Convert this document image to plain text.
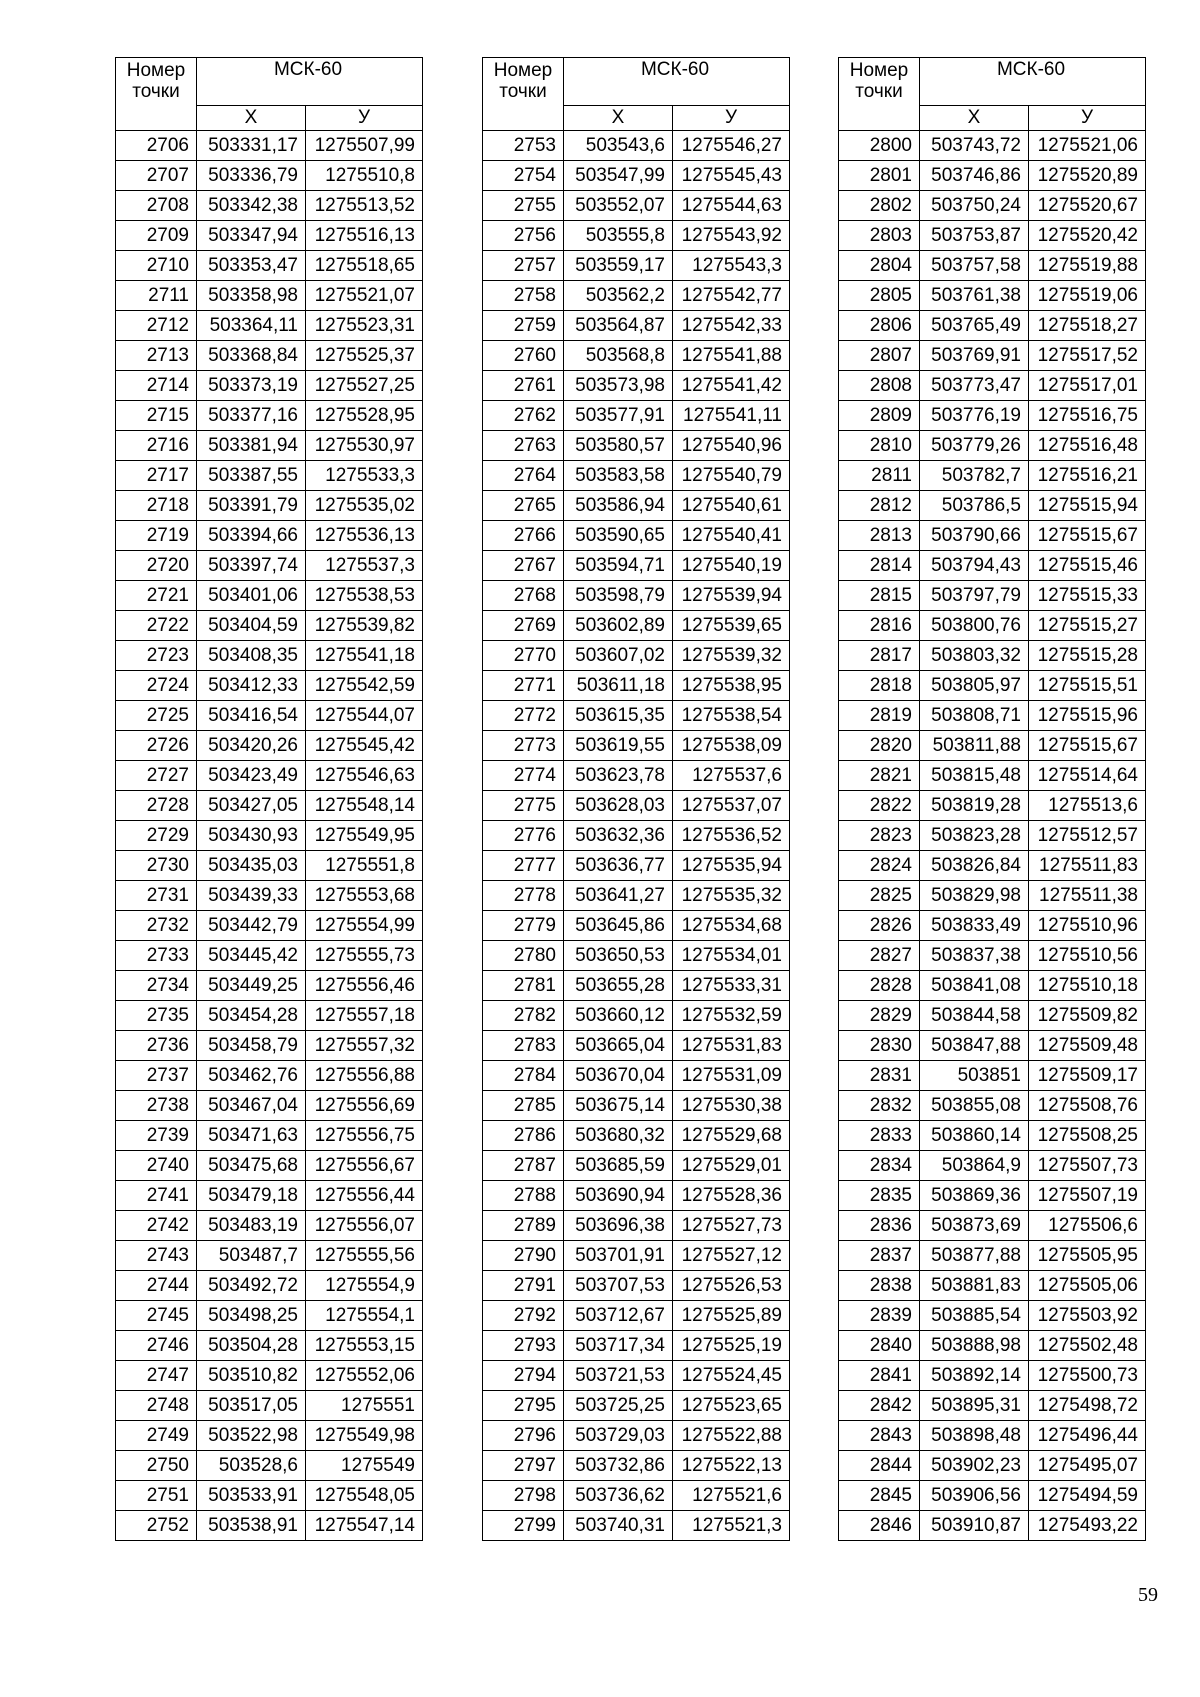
Номер точки	МСК-60	
	Х	У
2706	503331,17	1275507,99
2707	503336,79	1275510,8
2708	503342,38	1275513,52
2709	503347,94	1275516,13
2710	503353,47	1275518,65
2711	503358,98	1275521,07
2712	503364,11	1275523,31
2713	503368,84	1275525,37
2714	503373,19	1275527,25
2715	503377,16	1275528,95
2716	503381,94	1275530,97
2717	503387,55	1275533,3
2718	503391,79	1275535,02
2719	503394,66	1275536,13
2720	503397,74	1275537,3
2721	503401,06	1275538,53
2722	503404,59	1275539,82
2723	503408,35	1275541,18
2724	503412,33	1275542,59
2725	503416,54	1275544,07
2726	503420,26	1275545,42
2727	503423,49	1275546,63
2728	503427,05	1275548,14
2729	503430,93	1275549,95
2730	503435,03	1275551,8
2731	503439,33	1275553,68
2732	503442,79	1275554,99
2733	503445,42	1275555,73
2734	503449,25	1275556,46
2735	503454,28	1275557,18
2736	503458,79	1275557,32
2737	503462,76	1275556,88
2738	503467,04	1275556,69
2739	503471,63	1275556,75
2740	503475,68	1275556,67
2741	503479,18	1275556,44
2742	503483,19	1275556,07
2743	503487,7	1275555,56
2744	503492,72	1275554,9
2745	503498,25	1275554,1
2746	503504,28	1275553,15
2747	503510,82	1275552,06
2748	503517,05	1275551
2749	503522,98	1275549,98
2750	503528,6	1275549
2751	503533,91	1275548,05
2752	503538,91	1275547,14
Номер точки	МСК-60	
	Х	У
2753	503543,6	1275546,27
2754	503547,99	1275545,43
2755	503552,07	1275544,63
2756	503555,8	1275543,92
2757	503559,17	1275543,3
2758	503562,2	1275542,77
2759	503564,87	1275542,33
2760	503568,8	1275541,88
2761	503573,98	1275541,42
2762	503577,91	1275541,11
2763	503580,57	1275540,96
2764	503583,58	1275540,79
2765	503586,94	1275540,61
2766	503590,65	1275540,41
2767	503594,71	1275540,19
2768	503598,79	1275539,94
2769	503602,89	1275539,65
2770	503607,02	1275539,32
2771	503611,18	1275538,95
2772	503615,35	1275538,54
2773	503619,55	1275538,09
2774	503623,78	1275537,6
2775	503628,03	1275537,07
2776	503632,36	1275536,52
2777	503636,77	1275535,94
2778	503641,27	1275535,32
2779	503645,86	1275534,68
2780	503650,53	1275534,01
2781	503655,28	1275533,31
2782	503660,12	1275532,59
2783	503665,04	1275531,83
2784	503670,04	1275531,09
2785	503675,14	1275530,38
2786	503680,32	1275529,68
2787	503685,59	1275529,01
2788	503690,94	1275528,36
2789	503696,38	1275527,73
2790	503701,91	1275527,12
2791	503707,53	1275526,53
2792	503712,67	1275525,89
2793	503717,34	1275525,19
2794	503721,53	1275524,45
2795	503725,25	1275523,65
2796	503729,03	1275522,88
2797	503732,86	1275522,13
2798	503736,62	1275521,6
2799	503740,31	1275521,3
Номер точки	МСК-60	
	Х	У
2800	503743,72	1275521,06
2801	503746,86	1275520,89
2802	503750,24	1275520,67
2803	503753,87	1275520,42
2804	503757,58	1275519,88
2805	503761,38	1275519,06
2806	503765,49	1275518,27
2807	503769,91	1275517,52
2808	503773,47	1275517,01
2809	503776,19	1275516,75
2810	503779,26	1275516,48
2811	503782,7	1275516,21
2812	503786,5	1275515,94
2813	503790,66	1275515,67
2814	503794,43	1275515,46
2815	503797,79	1275515,33
2816	503800,76	1275515,27
2817	503803,32	1275515,28
2818	503805,97	1275515,51
2819	503808,71	1275515,96
2820	503811,88	1275515,67
2821	503815,48	1275514,64
2822	503819,28	1275513,6
2823	503823,28	1275512,57
2824	503826,84	1275511,83
2825	503829,98	1275511,38
2826	503833,49	1275510,96
2827	503837,38	1275510,56
2828	503841,08	1275510,18
2829	503844,58	1275509,82
2830	503847,88	1275509,48
2831	503851	1275509,17
2832	503855,08	1275508,76
2833	503860,14	1275508,25
2834	503864,9	1275507,73
2835	503869,36	1275507,19
2836	503873,69	1275506,6
2837	503877,88	1275505,95
2838	503881,83	1275505,06
2839	503885,54	1275503,92
2840	503888,98	1275502,48
2841	503892,14	1275500,73
2842	503895,31	1275498,72
2843	503898,48	1275496,44
2844	503902,23	1275495,07
2845	503906,56	1275494,59
2846	503910,87	1275493,22
59
